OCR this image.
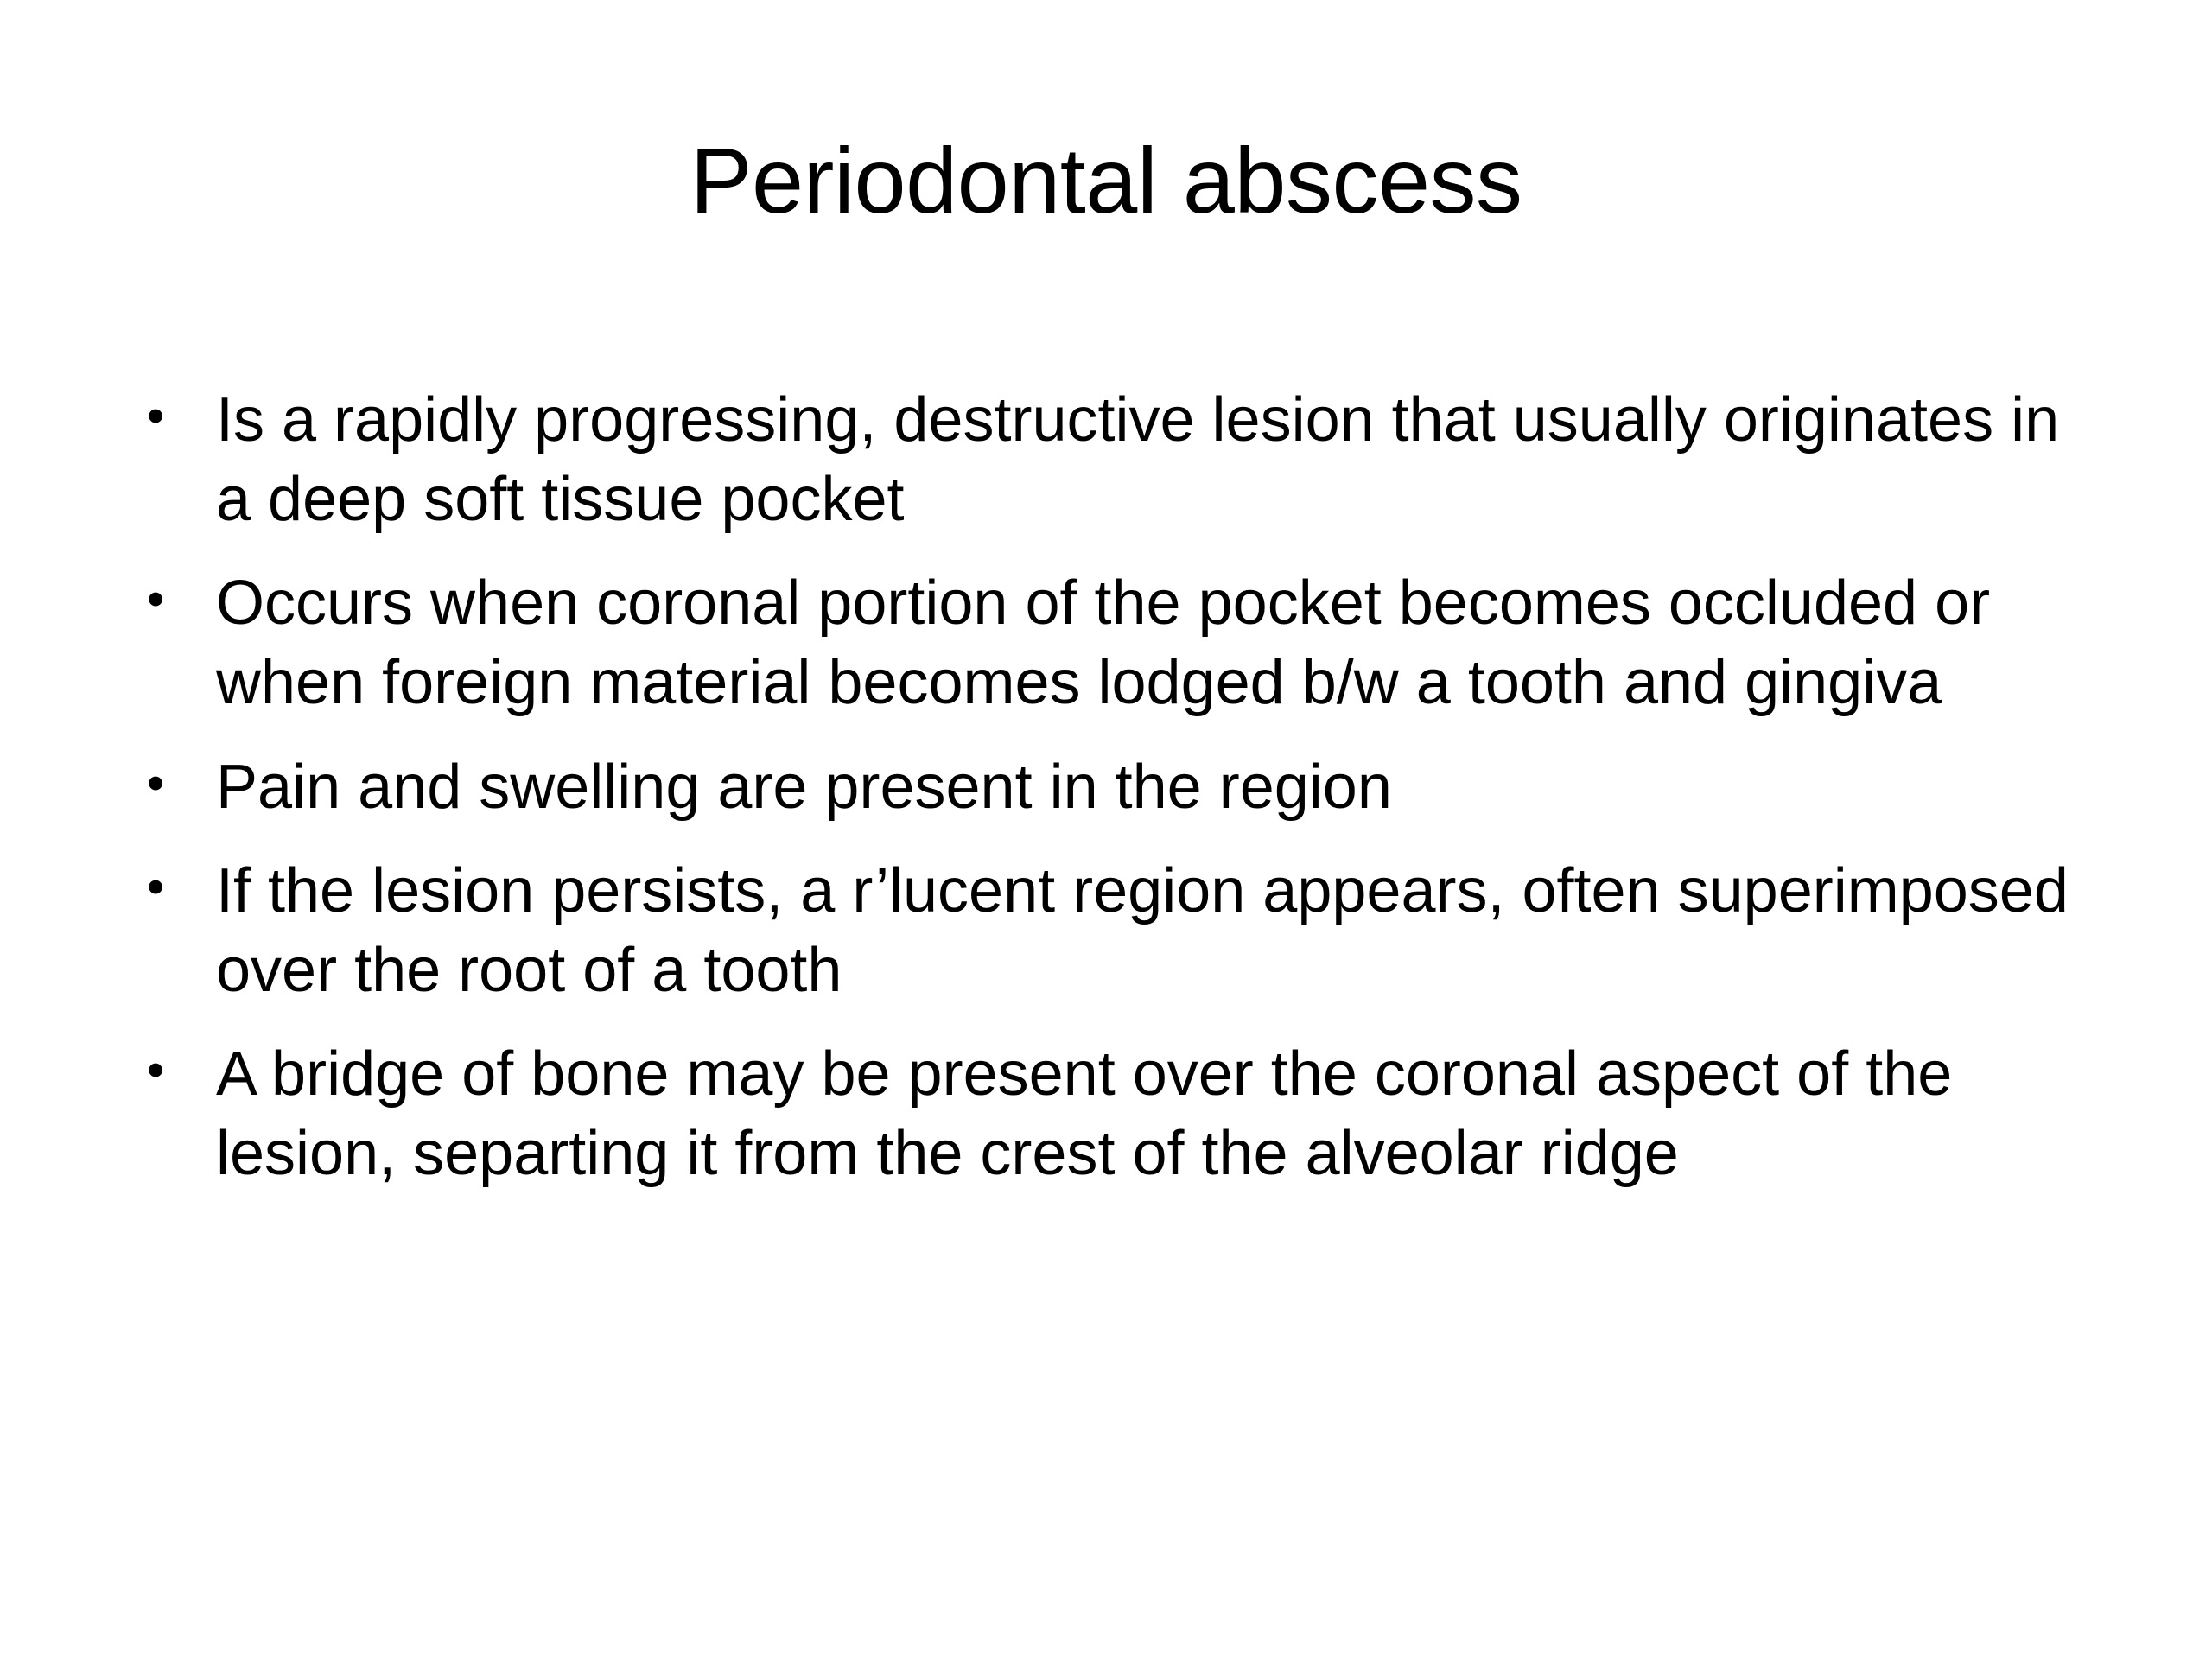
Periodontal abscess
• Is a rapidly progressing, destructive lesion that usually originates in a deep soft tissue pocket
• Occurs when coronal portion of the pocket becomes occluded or when foreign material becomes lodged b/w a tooth and gingiva
• Pain and swelling are present in the region
• If the lesion persists, a r’lucent region appears, often superimposed over the root of a tooth
• A bridge of bone may be present over the coronal aspect of the lesion, separting it from the crest of the alveolar ridge
